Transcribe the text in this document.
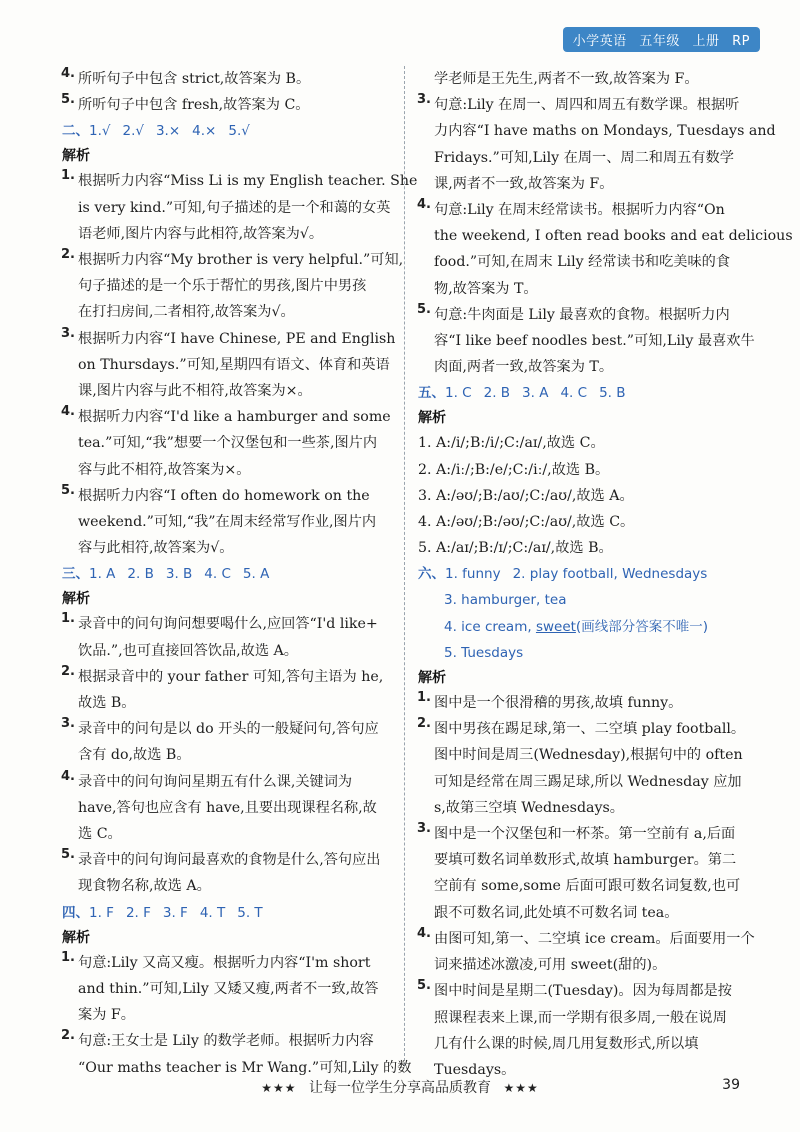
小学英语 五年级 上册 RP
4. 所听句子中包含 strict,故答案为 B。
5. 所听句子中包含 fresh,故答案为 C。
二、1.√ 2.√ 3.× 4.× 5.√
解析
1. 根据听力内容“Miss Li is my English teacher. She
is very kind.”可知,句子描述的是一个和蔼的女英
语老师,图片内容与此相符,故答案为√。
2. 根据听力内容“My brother is very helpful.”可知,
句子描述的是一个乐于帮忙的男孩,图片中男孩
在打扫房间,二者相符,故答案为√。
3. 根据听力内容“I have Chinese, PE and English
on Thursdays.”可知,星期四有语文、体育和英语
课,图片内容与此不相符,故答案为×。
4. 根据听力内容“I'd like a hamburger and some
tea.”可知,“我”想要一个汉堡包和一些茶,图片内
容与此不相符,故答案为×。
5. 根据听力内容“I often do homework on the
weekend.”可知,“我”在周末经常写作业,图片内
容与此相符,故答案为√。
三、1. A 2. B 3. B 4. C 5. A
解析
1. 录音中的问句询问想要喝什么,应回答“I'd like+
饮品.”,也可直接回答饮品,故选 A。
2. 根据录音中的 your father 可知,答句主语为 he,
故选 B。
3. 录音中的问句是以 do 开头的一般疑问句,答句应
含有 do,故选 B。
4. 录音中的问句询问星期五有什么课,关键词为
have,答句也应含有 have,且要出现课程名称,故
选 C。
5. 录音中的问句询问最喜欢的食物是什么,答句应出
现食物名称,故选 A。
四、1. F 2. F 3. F 4. T 5. T
解析
1. 句意:Lily 又高又瘦。根据听力内容“I'm short
and thin.”可知,Lily 又矮又瘦,两者不一致,故答
案为 F。
2. 句意:王女士是 Lily 的数学老师。根据听力内容
“Our maths teacher is Mr Wang.”可知,Lily 的数
学老师是王先生,两者不一致,故答案为 F。
3. 句意:Lily 在周一、周四和周五有数学课。根据听
力内容“I have maths on Mondays, Tuesdays and
Fridays.”可知,Lily 在周一、周二和周五有数学
课,两者不一致,故答案为 F。
4. 句意:Lily 在周末经常读书。根据听力内容“On
the weekend, I often read books and eat delicious
food.”可知,在周末 Lily 经常读书和吃美味的食
物,故答案为 T。
5. 句意:牛肉面是 Lily 最喜欢的食物。根据听力内
容“I like beef noodles best.”可知,Lily 最喜欢牛
肉面,两者一致,故答案为 T。
五、1. C 2. B 3. A 4. C 5. B
解析
1. A:/i/;B:/i/;C:/aɪ/,故选 C。
2. A:/iː/;B:/e/;C:/iː/,故选 B。
3. A:/əʊ/;B:/aʊ/;C:/aʊ/,故选 A。
4. A:/əʊ/;B:/əʊ/;C:/aʊ/,故选 C。
5. A:/aɪ/;B:/ɪ/;C:/aɪ/,故选 B。
六、1. funny 2. play football, Wednesdays
3. hamburger, tea
4. ice cream, sweet(画线部分答案不唯一)
5. Tuesdays
解析
1. 图中是一个很滑稽的男孩,故填 funny。
2. 图中男孩在踢足球,第一、二空填 play football。
图中时间是周三(Wednesday),根据句中的 often
可知是经常在周三踢足球,所以 Wednesday 应加
s,故第三空填 Wednesdays。
3. 图中是一个汉堡包和一杯茶。第一空前有 a,后面
要填可数名词单数形式,故填 hamburger。第二
空前有 some,some 后面可跟可数名词复数,也可
跟不可数名词,此处填不可数名词 tea。
4. 由图可知,第一、二空填 ice cream。后面要用一个
词来描述冰激凌,可用 sweet(甜的)。
5. 图中时间是星期二(Tuesday)。因为每周都是按
照课程表来上课,而一学期有很多周,一般在说周
几有什么课的时候,周几用复数形式,所以填
Tuesdays。
★★★ 让每一位学生分享高品质教育 ★★★	39
